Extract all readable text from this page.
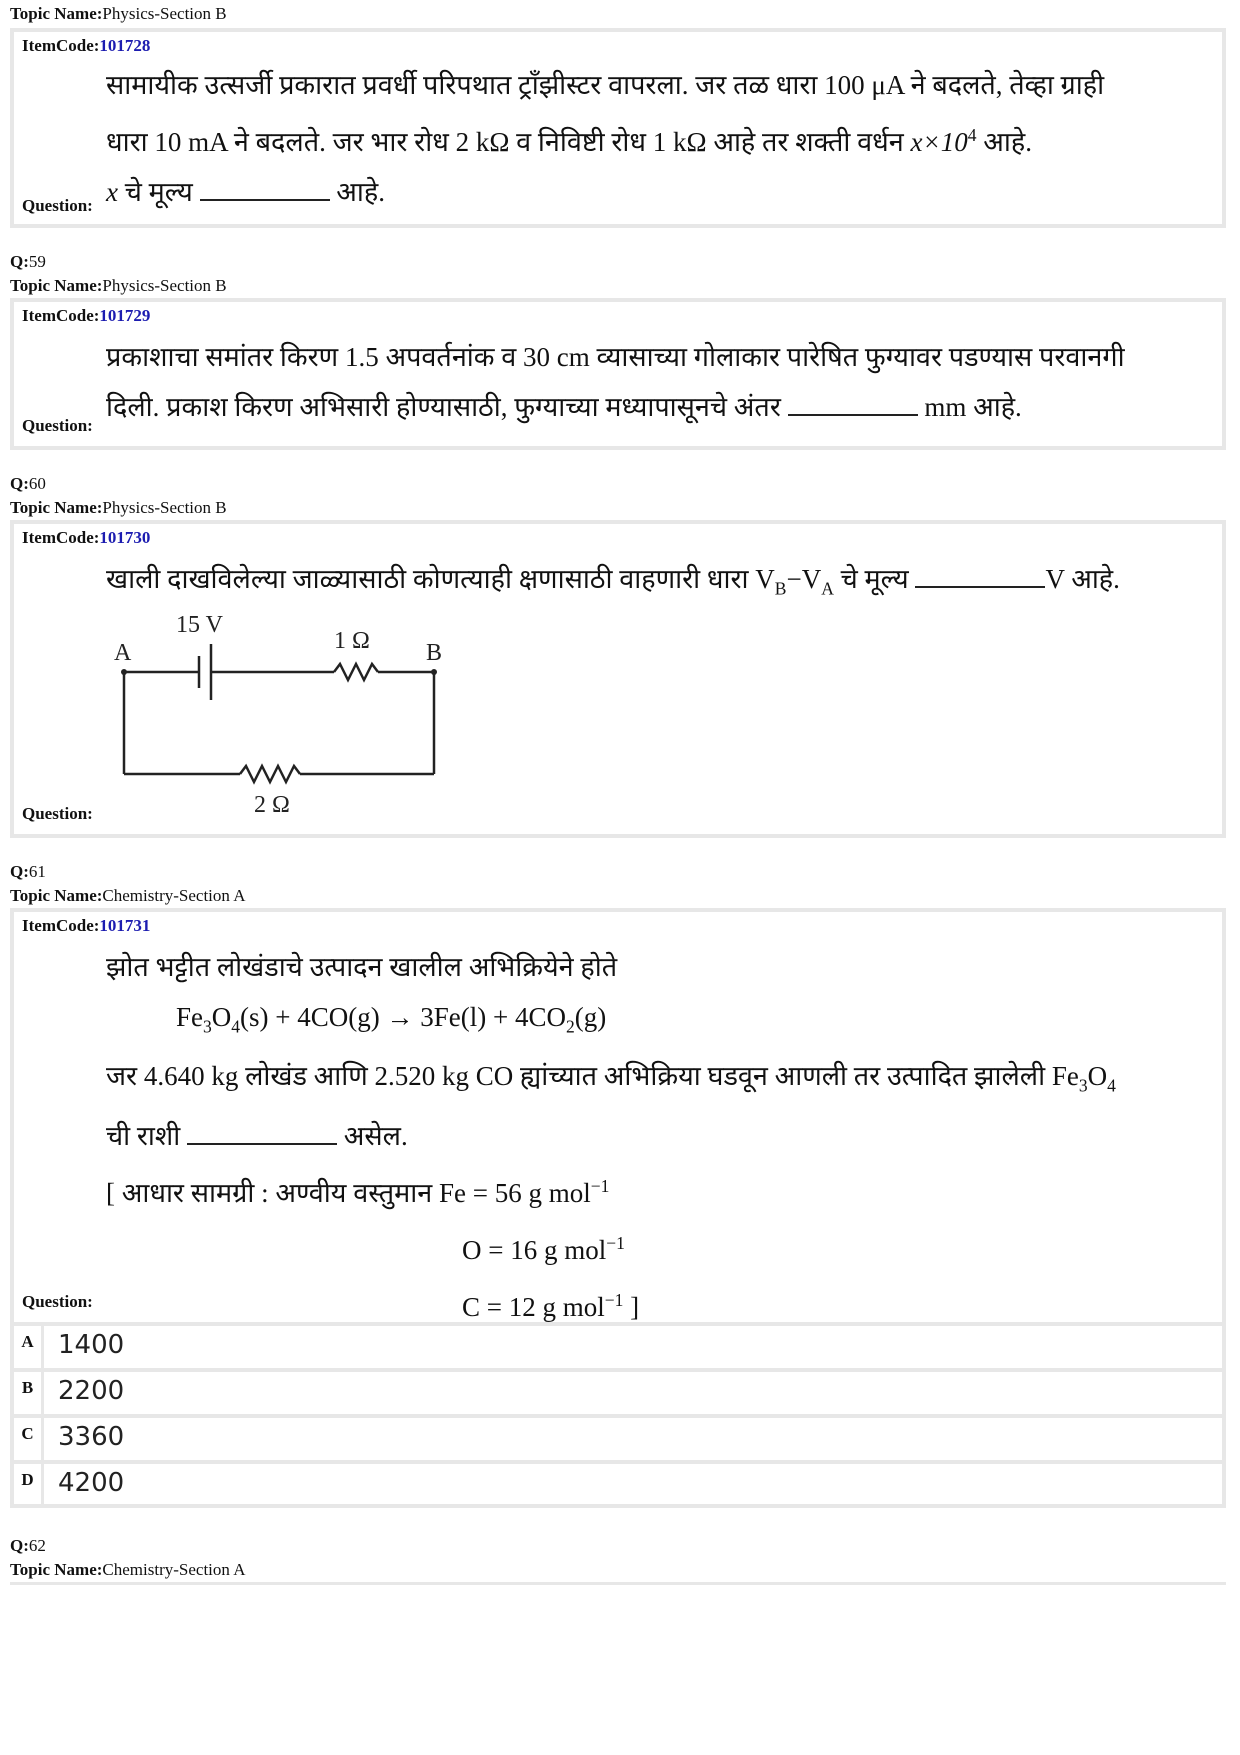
Topic Name:Physics-Section B
ItemCode:101728
सामायीक उत्सर्जी प्रकारात प्रवर्धी परिपथात ट्रॉंझीस्टर वापरला. जर तळ धारा 100 μA ने बदलते, तेव्हा ग्राही
धारा 10 mA ने बदलते. जर भार रोध 2 kΩ व निविष्टी रोध 1 kΩ आहे तर शक्ती वर्धन $x\times 10^4$ आहे.
x चे मूल्य	आहे.
Question:
Q:59
Topic Name:Physics-Section B
ItemCode:101729
प्रकाशाचा समांतर किरण 1.5 अपवर्तनांक व 30 cm व्यासाच्या गोलाकार पारेषित फुग्यावर पडण्यास परवानगी
दिली. प्रकाश किरण अभिसारी होण्यासाठी, फुग्याच्या मध्यापासूनचे अंतर	mm आहे.
Question:
Q:60
Topic Name:Physics-Section B
ItemCode:101730
खाली दाखविलेल्या जाळ्यासाठी कोणत्याही क्षणासाठी वाहणारी धारा $V_B-V_A$ चे मूल्य	V आहे.
A	B
15 V
1 Ω
2 Ω
Question:
Q:61
Topic Name:Chemistry-Section A
ItemCode:101731
झोत भट्टीत लोखंडाचे उत्पादन खालील अभिक्रियेने होते
$Fe_3O_4(s) + 4CO(g) \to 3Fe(l) + 4CO_2(g)$
जर 4.640 kg लोखंड आणि 2.520 kg CO ह्यांच्यात अभिक्रिया घडवून आणली तर उत्पादित झालेली $Fe_3O_4$
ची राशी	असेल.
[ आधार सामग्री : अण्वीय वस्तुमान Fe = 56 g mol$^{-1}$
O = 16 g mol$^{-1}$
C = 12 g mol$^{-1}$ ]
Question:
A 1400
B 2200
C 3360
D 4200
Q:62
Topic Name:Chemistry-Section A
